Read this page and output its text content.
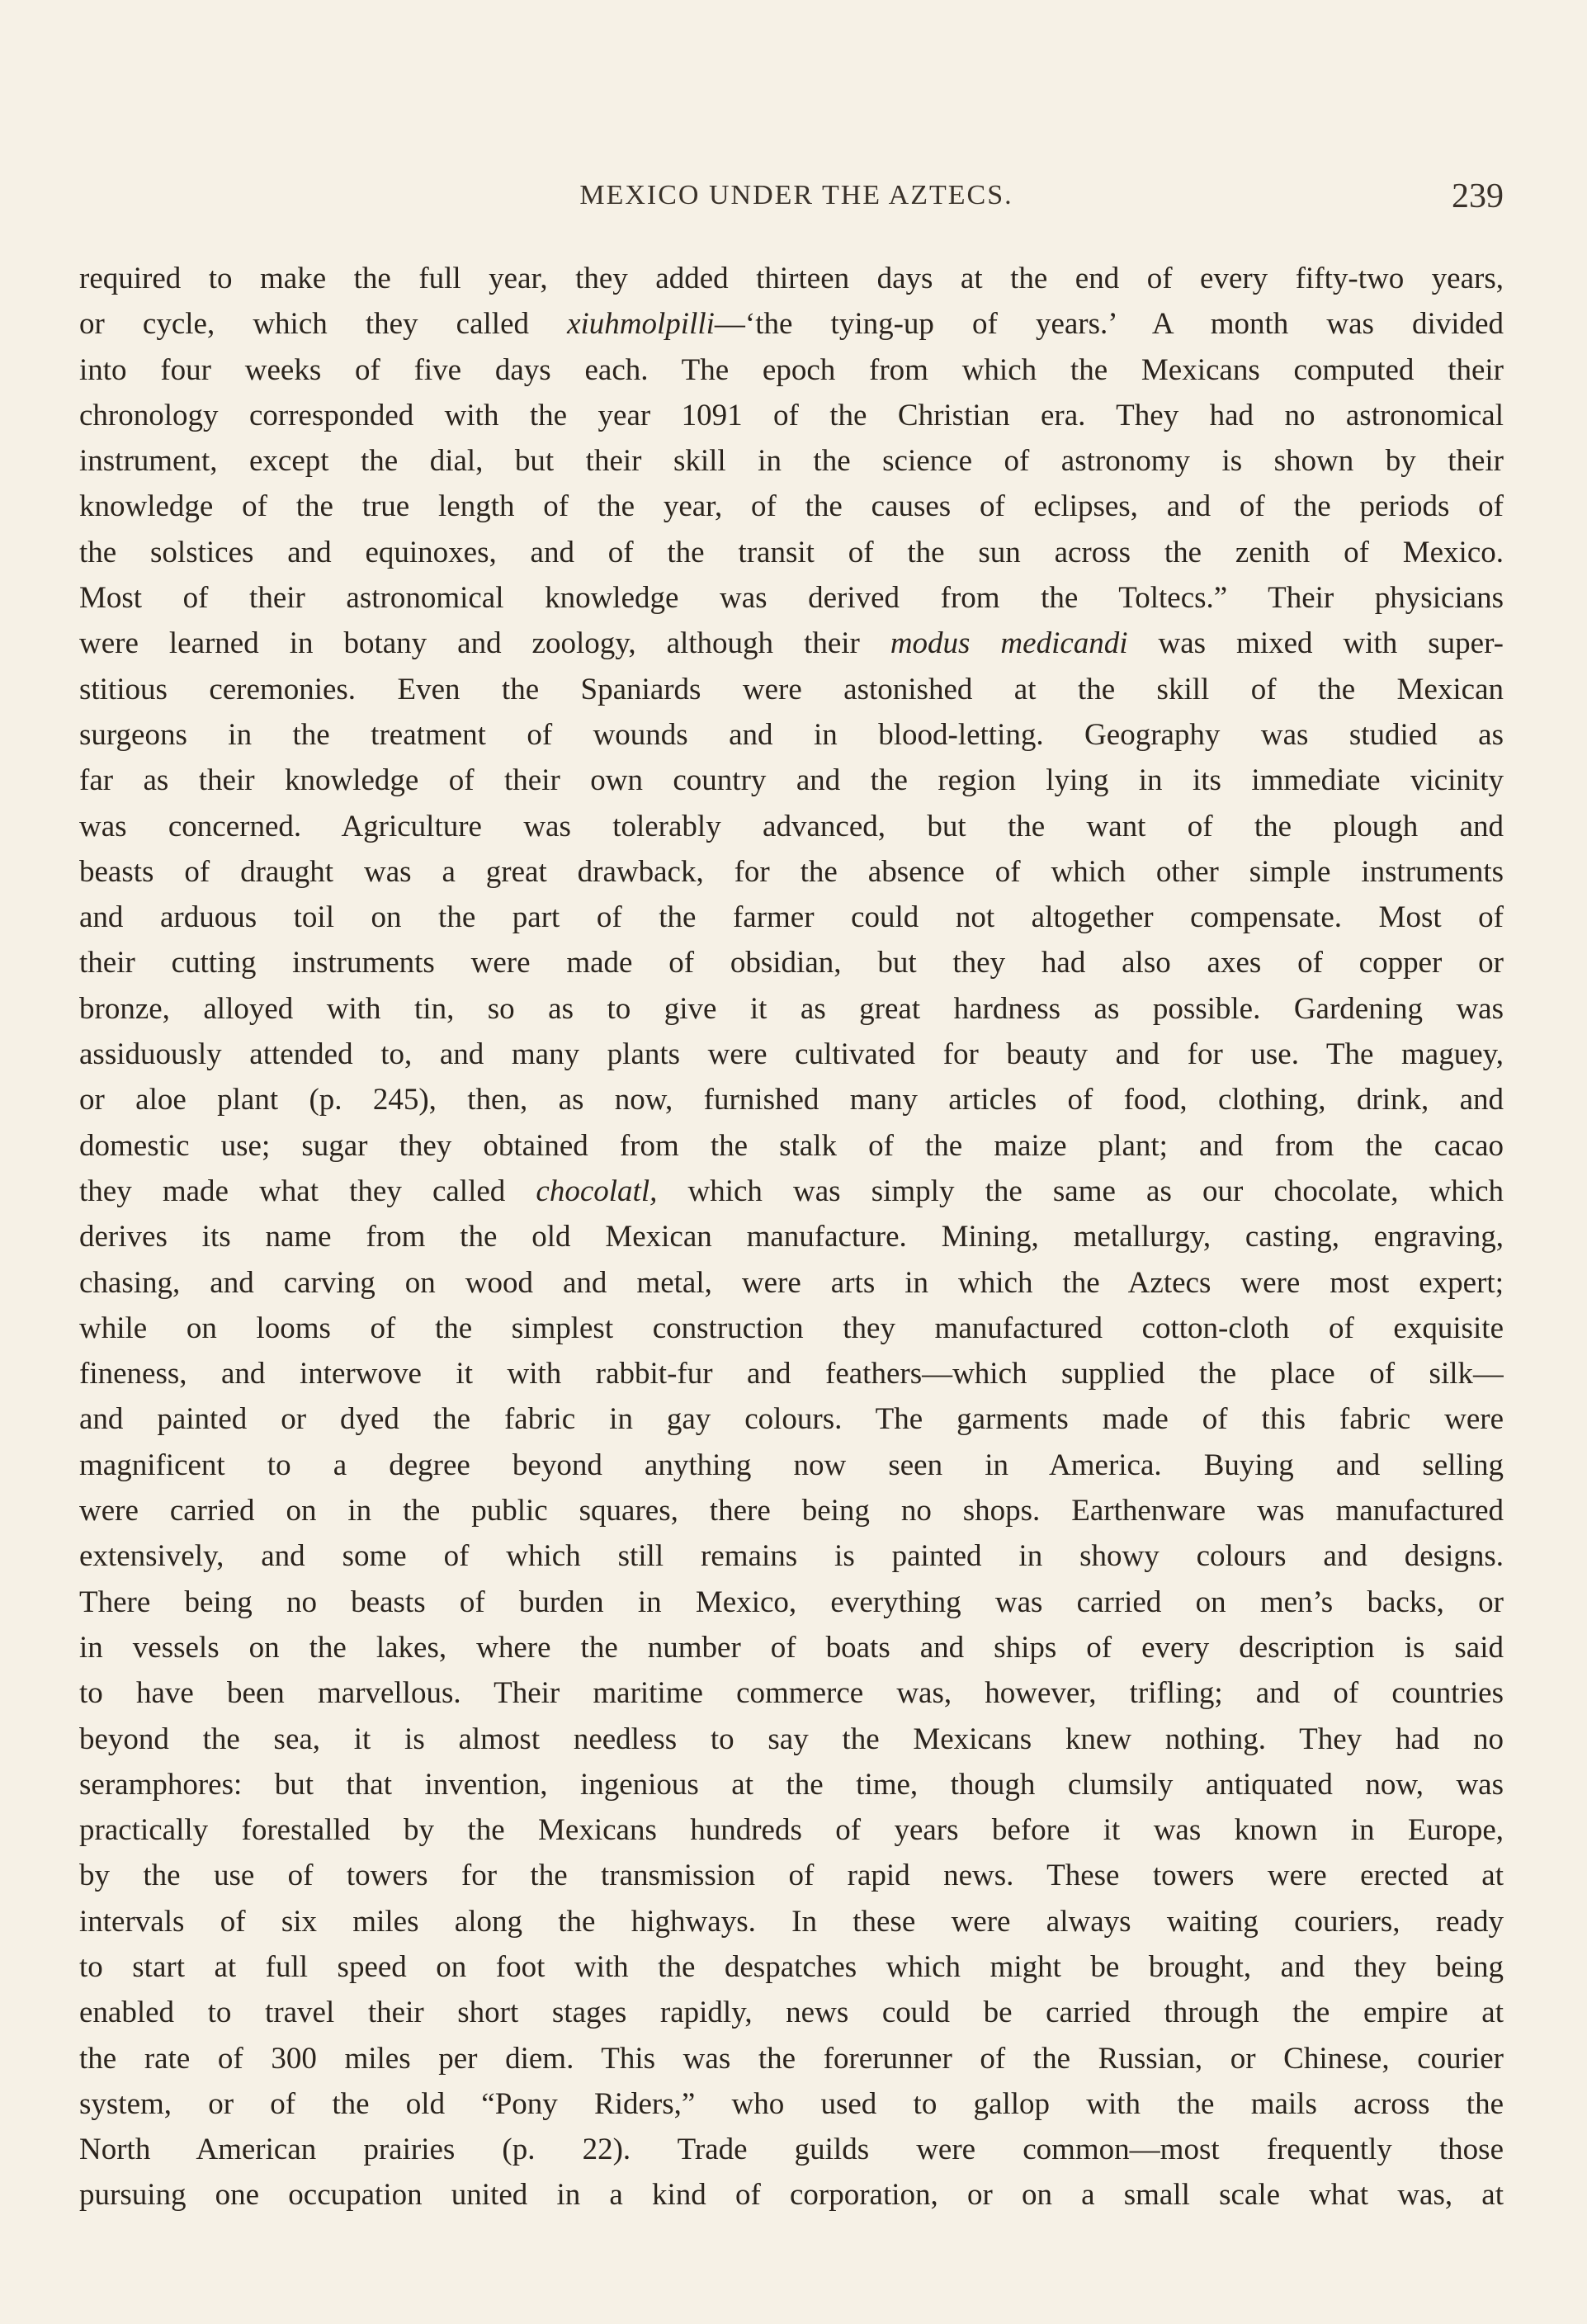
MEXICO UNDER THE AZTECS.	239
required to make the full year, they added thirteen days at the end of every fifty-two years,
or cycle, which they called xiuhmolpilli—‘the tying-up of years.’ A month was divided
into four weeks of five days each. The epoch from which the Mexicans computed their
chronology corresponded with the year 1091 of the Christian era. They had no astronomical
instrument, except the dial, but their skill in the science of astronomy is shown by their
knowledge of the true length of the year, of the causes of eclipses, and of the periods of
the solstices and equinoxes, and of the transit of the sun across the zenith of Mexico.
Most of their astronomical knowledge was derived from the Toltecs.” Their physicians
were learned in botany and zoology, although their modus medicandi was mixed with super-
stitious ceremonies. Even the Spaniards were astonished at the skill of the Mexican
surgeons in the treatment of wounds and in blood-letting. Geography was studied as
far as their knowledge of their own country and the region lying in its immediate vicinity
was concerned. Agriculture was tolerably advanced, but the want of the plough and
beasts of draught was a great drawback, for the absence of which other simple instruments
and arduous toil on the part of the farmer could not altogether compensate. Most of
their cutting instruments were made of obsidian, but they had also axes of copper or
bronze, alloyed with tin, so as to give it as great hardness as possible. Gardening was
assiduously attended to, and many plants were cultivated for beauty and for use. The maguey,
or aloe plant (p. 245), then, as now, furnished many articles of food, clothing, drink, and
domestic use; sugar they obtained from the stalk of the maize plant; and from the cacao
they made what they called chocolatl, which was simply the same as our chocolate, which
derives its name from the old Mexican manufacture. Mining, metallurgy, casting, engraving,
chasing, and carving on wood and metal, were arts in which the Aztecs were most expert;
while on looms of the simplest construction they manufactured cotton-cloth of exquisite
fineness, and interwove it with rabbit-fur and feathers—which supplied the place of silk—
and painted or dyed the fabric in gay colours. The garments made of this fabric were
magnificent to a degree beyond anything now seen in America. Buying and selling
were carried on in the public squares, there being no shops. Earthenware was manufactured
extensively, and some of which still remains is painted in showy colours and designs.
There being no beasts of burden in Mexico, everything was carried on men’s backs, or
in vessels on the lakes, where the number of boats and ships of every description is said
to have been marvellous. Their maritime commerce was, however, trifling; and of countries
beyond the sea, it is almost needless to say the Mexicans knew nothing. They had no
seramphores: but that invention, ingenious at the time, though clumsily antiquated now, was
practically forestalled by the Mexicans hundreds of years before it was known in Europe,
by the use of towers for the transmission of rapid news. These towers were erected at
intervals of six miles along the highways. In these were always waiting couriers, ready
to start at full speed on foot with the despatches which might be brought, and they being
enabled to travel their short stages rapidly, news could be carried through the empire at
the rate of 300 miles per diem. This was the forerunner of the Russian, or Chinese, courier
system, or of the old “Pony Riders,” who used to gallop with the mails across the
North American prairies (p. 22). Trade guilds were common—most frequently those
pursuing one occupation united in a kind of corporation, or on a small scale what was, at
